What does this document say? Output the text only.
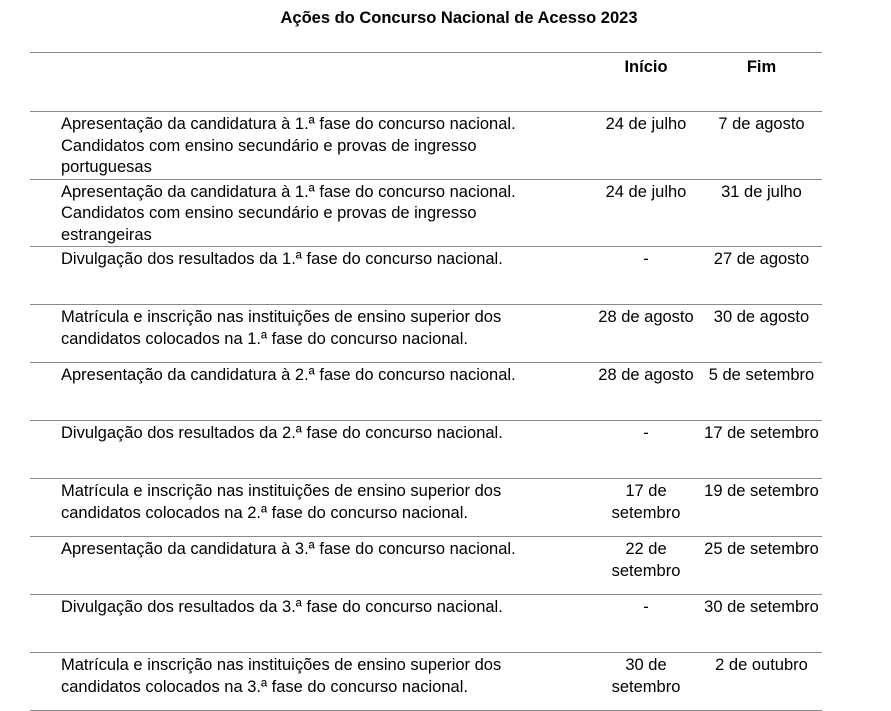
Ações do Concurso Nacional de Acesso 2023
	Início	Fim
Apresentação da candidatura à 1.ª fase do concurso nacional.
Candidatos com ensino secundário e provas de ingresso
portuguesas	24 de julho	7 de agosto
Apresentação da candidatura à 1.ª fase do concurso nacional.
Candidatos com ensino secundário e provas de ingresso
estrangeiras	24 de julho	31 de julho
Divulgação dos resultados da 1.ª fase do concurso nacional.	-	27 de agosto
Matrícula e inscrição nas instituições de ensino superior dos
candidatos colocados na 1.ª fase do concurso nacional.	28 de agosto	30 de agosto
Apresentação da candidatura à 2.ª fase do concurso nacional.	28 de agosto	5 de setembro
Divulgação dos resultados da 2.ª fase do concurso nacional.	-	17 de setembro
Matrícula e inscrição nas instituições de ensino superior dos
candidatos colocados na 2.ª fase do concurso nacional.	17 de setembro	19 de setembro
Apresentação da candidatura à 3.ª fase do concurso nacional.	22 de setembro	25 de setembro
Divulgação dos resultados da 3.ª fase do concurso nacional.	-	30 de setembro
Matrícula e inscrição nas instituições de ensino superior dos
candidatos colocados na 3.ª fase do concurso nacional.	30 de setembro	2 de outubro
